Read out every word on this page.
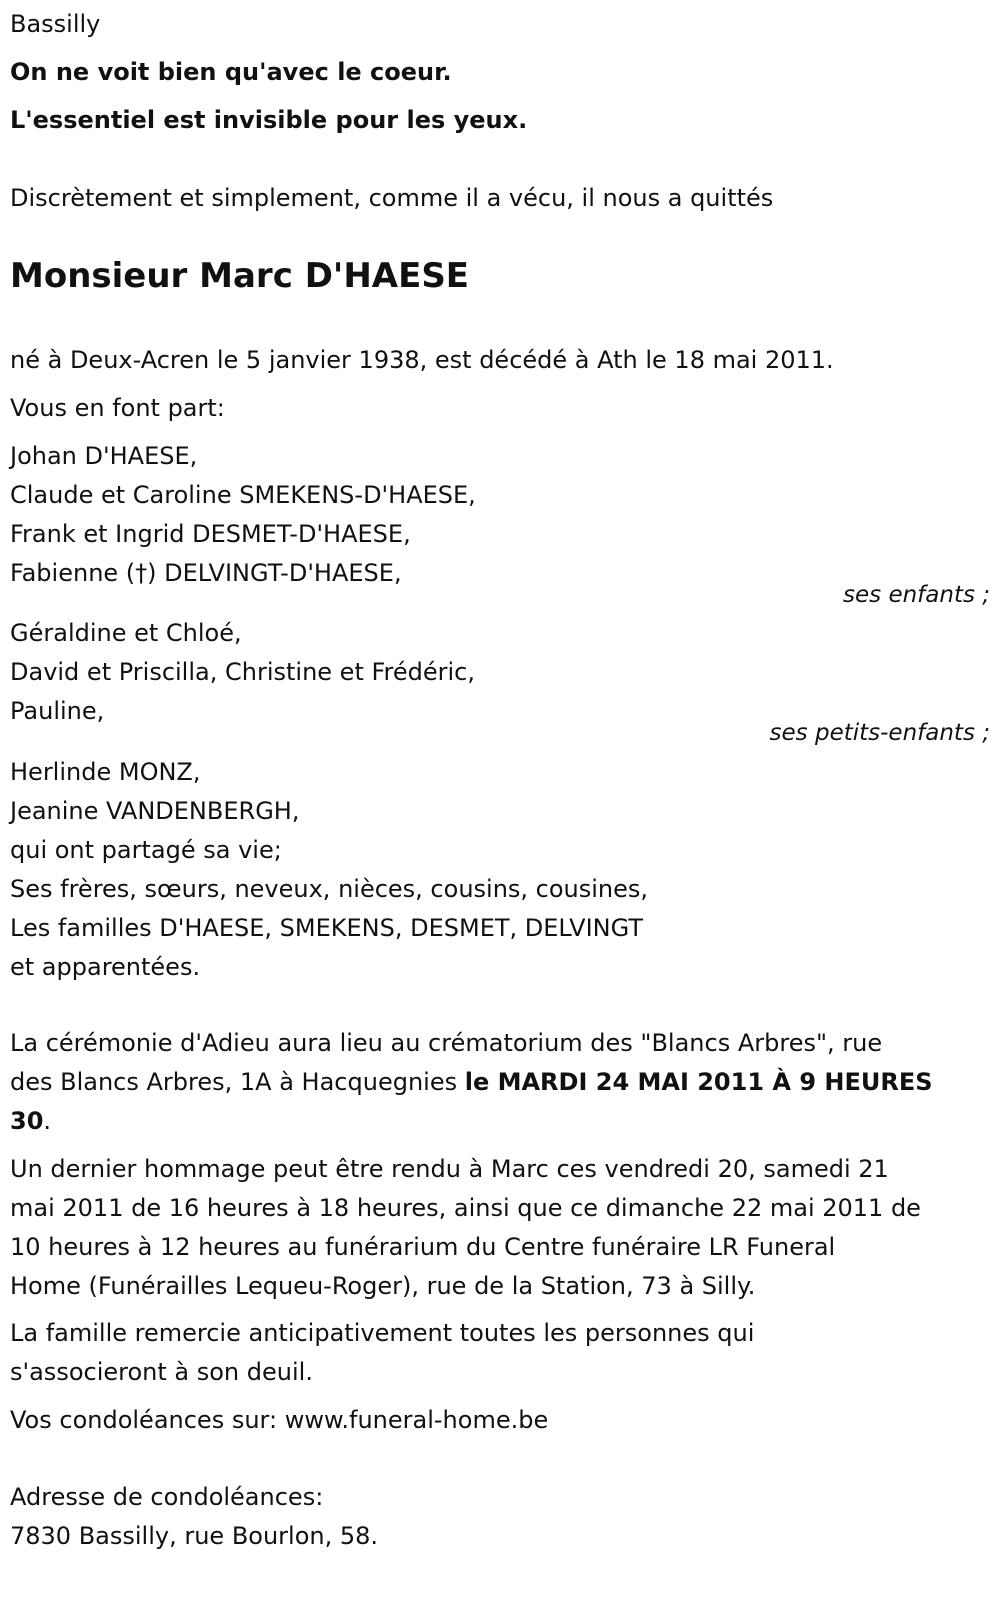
Bassilly

On ne voit bien qu'avec le coeur.

L'essentiel est invisible pour les yeux.

Discrètement et simplement, comme il a vécu, il nous a quittés

Monsieur Marc D'HAESE

né à Deux-Acren le 5 janvier 1938, est décédé à Ath le 18 mai 2011.

Vous en font part:

Johan D'HAESE,

Claude et Caroline SMEKENS-D'HAESE,

Frank et Ingrid DESMET-D'HAESE,

Fabienne (†) DELVINGT-D'HAESE,

ses enfants ;

Géraldine et Chloé,

David et Priscilla, Christine et Frédéric,

Pauline,

ses petits-enfants ;

Herlinde MONZ,

Jeanine VANDENBERGH,

qui ont partagé sa vie;

Ses frères, sœurs, neveux, nièces, cousins, cousines,

Les familles D'HAESE, SMEKENS, DESMET, DELVINGT

et apparentées.

La cérémonie d'Adieu aura lieu au crématorium des "Blancs Arbres", rue

des Blancs Arbres, 1A à Hacquegnies le MARDI 24 MAI 2011 À 9 HEURES

30.

Un dernier hommage peut être rendu à Marc ces vendredi 20, samedi 21

mai 2011 de 16 heures à 18 heures, ainsi que ce dimanche 22 mai 2011 de

10 heures à 12 heures au funérarium du Centre funéraire LR Funeral

Home (Funérailles Lequeu-Roger), rue de la Station, 73 à Silly.

La famille remercie anticipativement toutes les personnes qui

s'associeront à son deuil.

Vos condoléances sur: www.funeral-home.be

Adresse de condoléances:

7830 Bassilly, rue Bourlon, 58.
